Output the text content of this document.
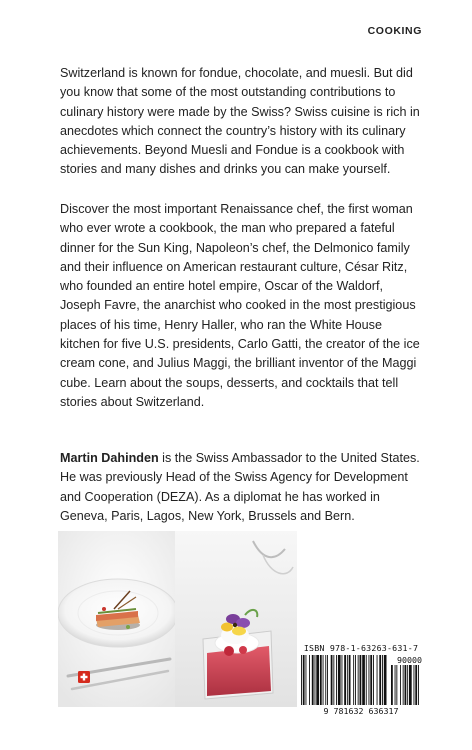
COOKING
Switzerland is known for fondue, chocolate, and muesli. But did you know that some of the most outstanding contributions to culinary history were made by the Swiss? Swiss cuisine is rich in anecdotes which connect the country’s history with its culinary achievements. Beyond Muesli and Fondue is a cookbook with stories and many dishes and drinks you can make yourself.
Discover the most important Renaissance chef, the first woman who ever wrote a cookbook, the man who prepared a fateful dinner for the Sun King, Napoleon’s chef, the Delmonico family and their influence on American restaurant culture, César Ritz, who founded an entire hotel empire, Oscar of the Waldorf, Joseph Favre, the anarchist who cooked in the most prestigious places of his time, Henry Haller, who ran the White House kitchen for five U.S. presidents, Carlo Gatti, the creator of the ice cream cone, and Julius Maggi, the brilliant inventor of the Maggi cube. Learn about the soups, desserts, and cocktails that tell stories about Switzerland.
Martin Dahinden is the Swiss Ambassador to the United States. He was previously Head of the Swiss Agency for Development and Cooperation (DEZA). As a diplomat he has worked in Geneva, Paris, Lagos, New York, Brussels and Bern.
ISBN 978-1-63263-631-7
90000
9 781632 636317
